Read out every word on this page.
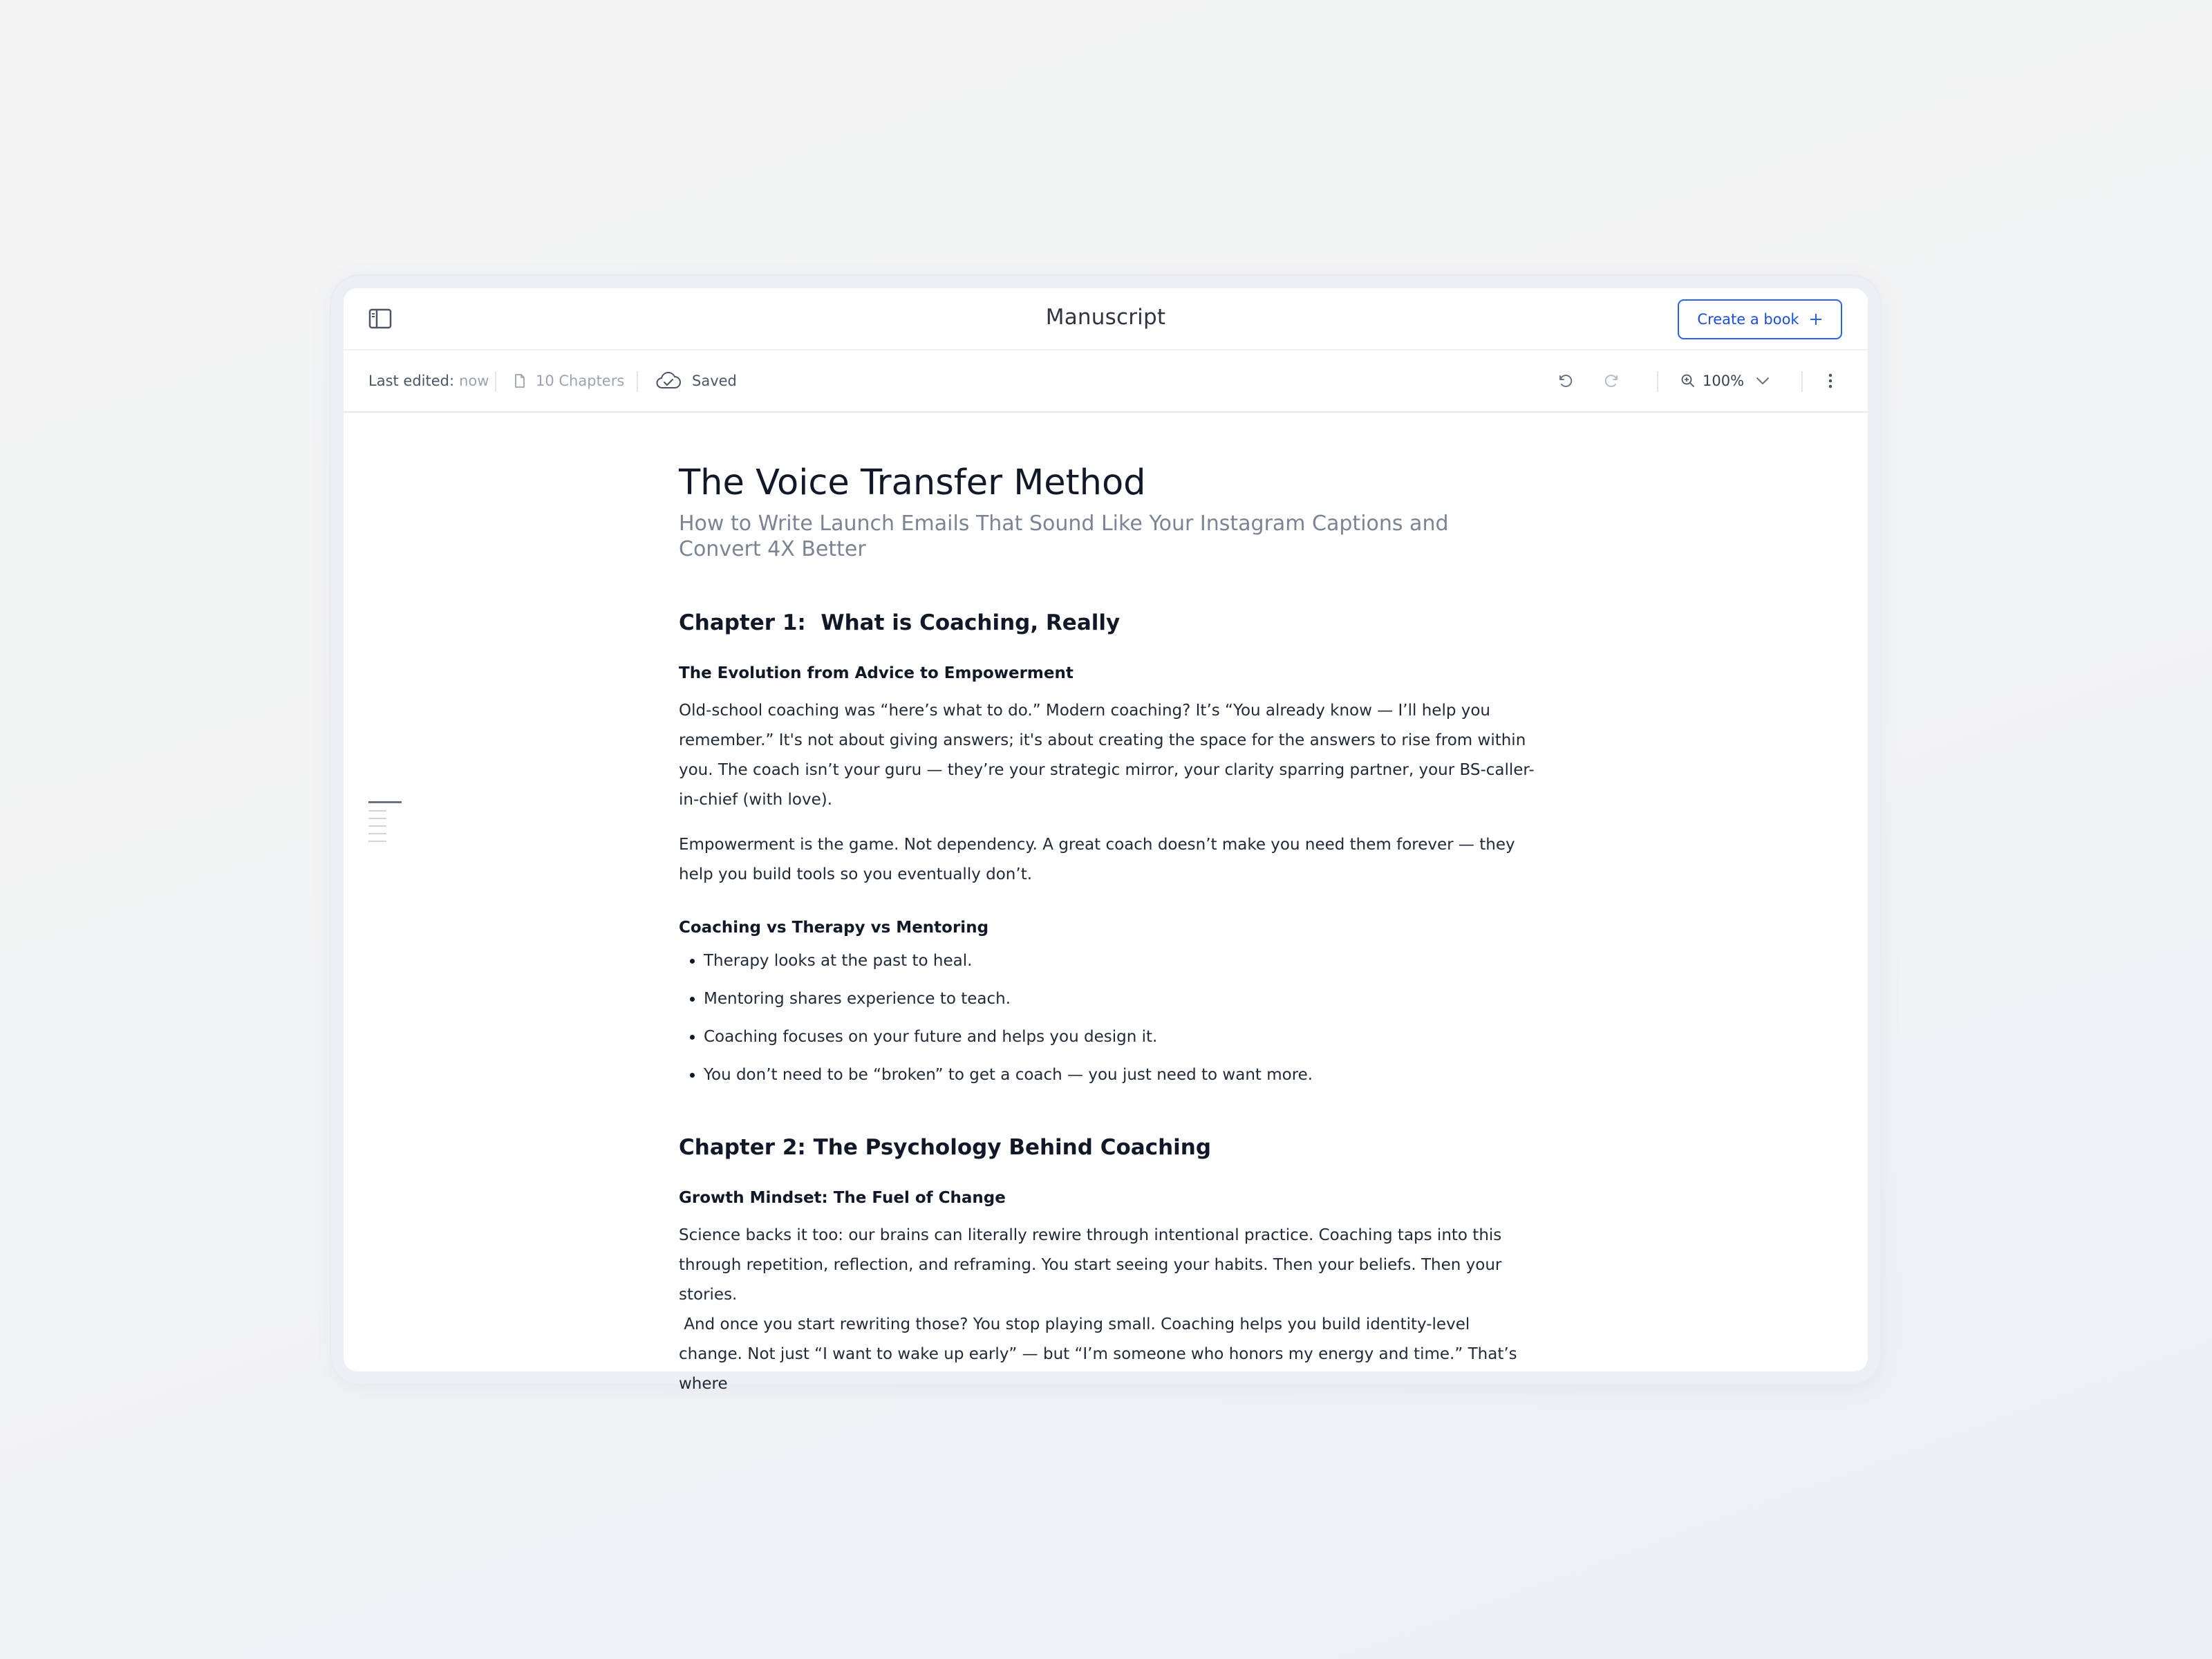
Manuscript	Create a book
Last edited: now	10 Chapters	Saved	100%
The Voice Transfer Method
How to Write Launch Emails That Sound Like Your Instagram Captions and Convert 4X Better
Chapter 1:  What is Coaching, Really
The Evolution from Advice to Empowerment

Old-school coaching was “here’s what to do.” Modern coaching? It’s “You already know — I’ll help you remember.” It's not about giving answers; it's about creating the space for the answers to rise from within you. The coach isn’t your guru — they’re your strategic mirror, your clarity sparring partner, your BS-caller-in-chief (with love).

Empowerment is the game. Not dependency. A great coach doesn’t make you need them forever — they help you build tools so you eventually don’t.

Coaching vs Therapy vs Mentoring
• Therapy looks at the past to heal.
• Mentoring shares experience to teach.
• Coaching focuses on your future and helps you design it.
• You don’t need to be “broken” to get a coach — you just need to want more.
Chapter 2: The Psychology Behind Coaching
Growth Mindset: The Fuel of Change

Science backs it too: our brains can literally rewire through intentional practice. Coaching taps into this through repetition, reflection, and reframing. You start seeing your habits. Then your beliefs. Then your stories.

And once you start rewriting those? You stop playing small. Coaching helps you build identity-level change. Not just “I want to wake up early” — but “I’m someone who honors my energy and time.” That’s where
